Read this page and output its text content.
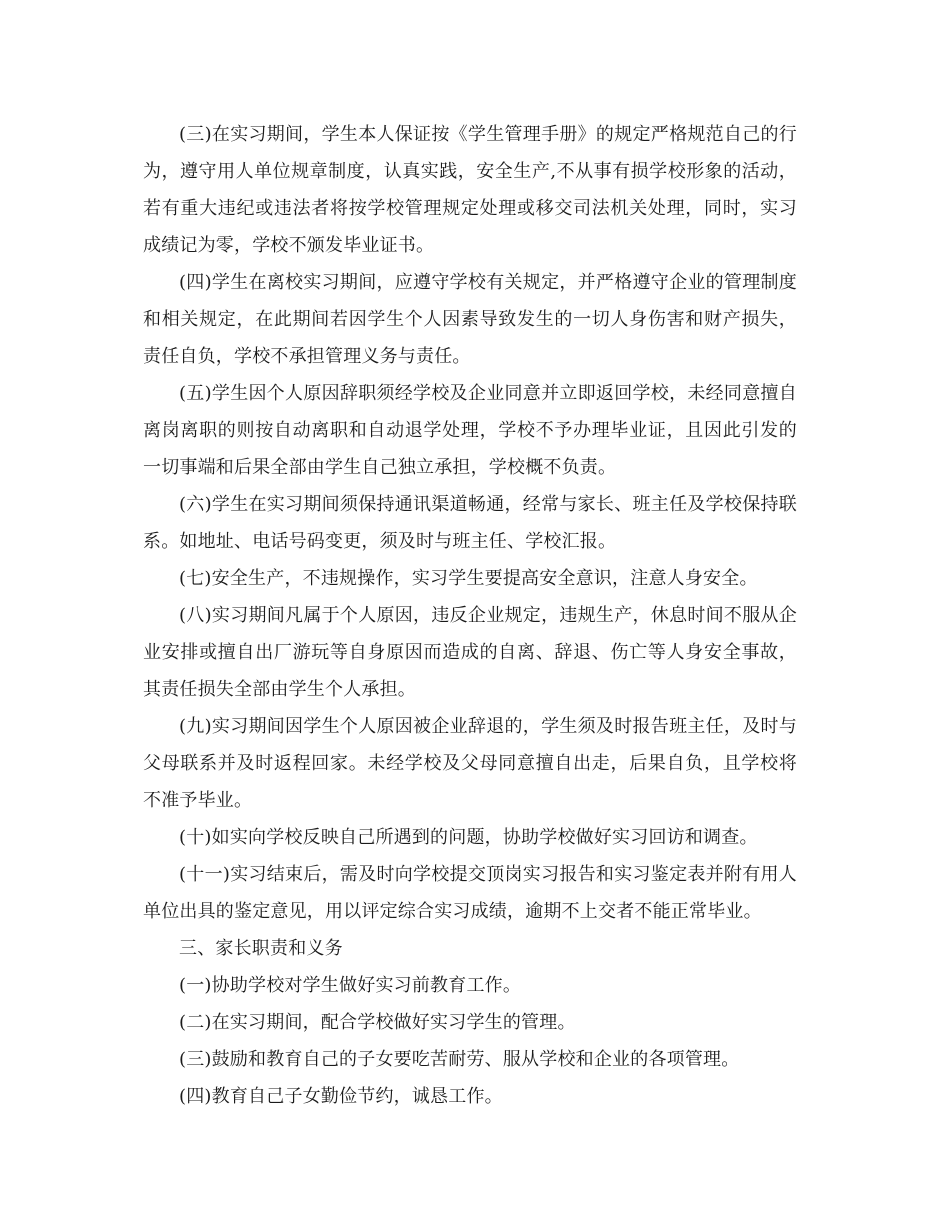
(三)在实习期间，学生本人保证按《学生管理手册》的规定严格规范自己的行为，遵守用人单位规章制度，认真实践，安全生产,不从事有损学校形象的活动，若有重大违纪或违法者将按学校管理规定处理或移交司法机关处理，同时，实习成绩记为零，学校不颁发毕业证书。

(四)学生在离校实习期间，应遵守学校有关规定，并严格遵守企业的管理制度和相关规定，在此期间若因学生个人因素导致发生的一切人身伤害和财产损失，责任自负，学校不承担管理义务与责任。

(五)学生因个人原因辞职须经学校及企业同意并立即返回学校，未经同意擅自离岗离职的则按自动离职和自动退学处理，学校不予办理毕业证，且因此引发的一切事端和后果全部由学生自己独立承担，学校概不负责。

(六)学生在实习期间须保持通讯渠道畅通，经常与家长、班主任及学校保持联系。如地址、电话号码变更，须及时与班主任、学校汇报。

(七)安全生产，不违规操作，实习学生要提高安全意识，注意人身安全。

(八)实习期间凡属于个人原因，违反企业规定，违规生产，休息时间不服从企业安排或擅自出厂游玩等自身原因而造成的自离、辞退、伤亡等人身安全事故，其责任损失全部由学生个人承担。

(九)实习期间因学生个人原因被企业辞退的，学生须及时报告班主任，及时与父母联系并及时返程回家。未经学校及父母同意擅自出走，后果自负，且学校将不准予毕业。

(十)如实向学校反映自己所遇到的问题，协助学校做好实习回访和调查。

(十一)实习结束后，需及时向学校提交顶岗实习报告和实习鉴定表并附有用人单位出具的鉴定意见，用以评定综合实习成绩，逾期不上交者不能正常毕业。

三、家长职责和义务

(一)协助学校对学生做好实习前教育工作。

(二)在实习期间，配合学校做好实习学生的管理。

(三)鼓励和教育自己的子女要吃苦耐劳、服从学校和企业的各项管理。

(四)教育自己子女勤俭节约，诚恳工作。
